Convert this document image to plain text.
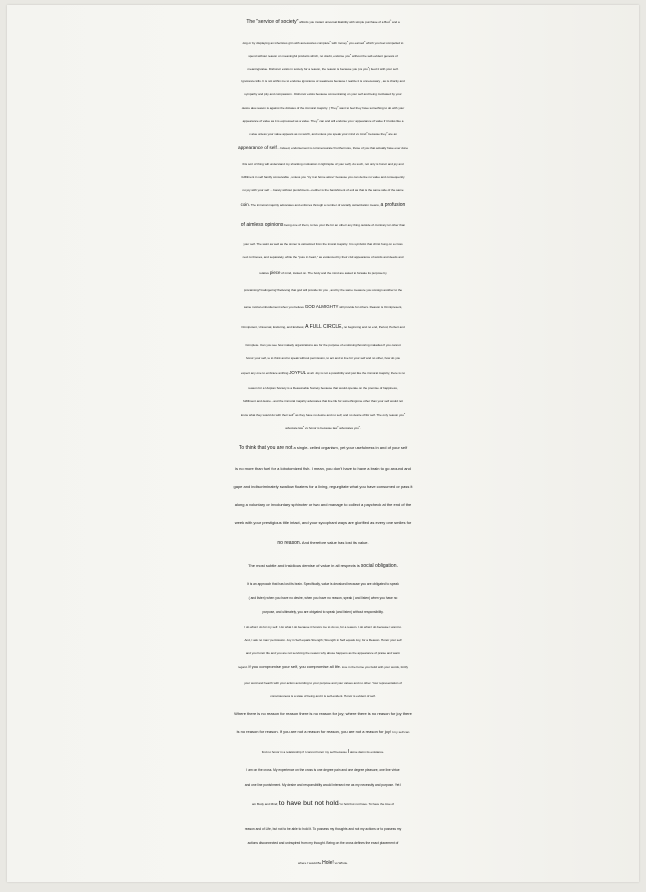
The "service of society" affords you instant universal likability with simple purchase of a Bud® and a
dog or by displaying an infectious grin with accessories complete$^o$ with money$^o$ you earned$^o$ which you feel compelled to
spend without reason on meaningful products which, no doubt, endorse you$^o$ without the self-evident genesis of
meaning/value. Dishonor exists in society for a reason, the reason is because you (vs you$^o$) feed it with your self.
Ignorance kills. It is not within me to endorse ignorance or weakness because I realize it is unnecessary , as is charity and
sympathy and pity and compassion . Dishonor exists because concentrating on your self and being motivated by your
desire aka reason is against the dictates of the immoral majority. ( They$^o$ want to feel they have something to do with your
appearance of value as it is expressed as a value. They$^o$ can and will endorse you r appearance of value if it looks like a
v alue unless your value appears as no worth, and unless you speak your mind vs mind$^o$ because they$^o$ are an
appearance of self....Indeed, endorsement is commensurate! Furthermore, those of you that actually have ever done
this sort of thing will understand my shocking motivation in light/spite of your self). As such, not only is honor and joy and
fulfillment in self hardly conceivable , unless you "try it at home alone" because you can derive no value and consequently
no joy with your self ... barely without punishment---neither is the banishment of evil as that is the same side of the same
coin. The immoral majority advocates and enforces through a number of socially ostracization means, a profusion
of aimless opinions being one of them, to live your life for an other/ any thing outside of /contrary to/ other than
your self. The saint as well as the sinner is ostracized from the imoral majority. It is symbolic that christ hung on a cross
next to thieves, and separately, while the "pure in heart," as evidenced by their civil appearance of words and deeds and
relative piece of mind, looked on. The body and the mind are asked to forsake its purpose by
procaiming/"malingering"/believing that god will provide for you , and by the same measure you consign another to the
same mortal embodiement when you believe GOD ALMIGHTY will provide for others. Reason is Omnipresent,
Omnipotent, Universal, Enduring, and Endless; A FULL CIRCLE, no beginning and no end, Period, Perfect and
Complete. Can you see how malady organizations are for the purpose of endorsing/honoring maladies.If you cannot
honor your self, ie to think and to speak without permission, to act and to live for your self and no other, how do you
expect any one to embrace anthing JOYFUL at all. Joy is not a possibility and just like the immoral majority, there is no
reason for a Utopian Society is a Reasonable Society because that would operate on the premise of happiness,
fulfillment and desire...and the immoral majority advocates that live life for something/one other than your self would not
know what they would do with their self$^o$ as they have no desire and no self, and no desire of/for self. The only reason you$^o$
advocate law$^o$ vs honor is because law$^o$ advocates you$^o$.
To think that you are not a single- celled organism, yet your usefulness in and of your self
is no more than fuel for a lobotomized fish. I mean, you don't have to have a brain to go around and
gape and indiscriminately swallow floaters for a living, regurgitate what you have consumed or pass it
along a voluntary or involuntary sphincter or two and manage to collect a paycheck at the end of the
week with your prestigious title intact, and your sycophant ways are glorified as every one smiles for
no reason. And therefore value has lost its value.
The most subtle and insidious demise of value in all respects is social obligation.
It is an approach that has lost its brain. Specifically, value is devalued because you are obligated to speak
( and listen) when you have no desire, when you have no reason, speak ( and listen) when you have no
purpose, and ultimately, you are obigated to speak (and listen) without responsibility.
I do what I do for my self. I do what I do because it honors me to do so, for a reason. I do what I do because I want to.
And, I ask no man' permission. Joy in Self equals Strength; Strength in Self equals Joy, for a Reason. Honor your self
and you honor life and you are not servicing the reason why abuse happens as the appearance of praise and warm
regard. If you compromise your self, you compromise all life. Live in the home you build with your words, fortify
your word and hearth with your action according to your purpose and your values and no other. Your representation of
consciousness is a state of being and it is self-evident. Honor is evident of self.
Where there is no reason for reason there is no reason for joy; where there is no reason for joy there
is no reason for reason. If you are not a reason for reason, you are not a reason for joy! I my self can
find no honor in a relationship if I cannot honor my self because I alone damn its existance.
I am on the cross. My experience on the cross is one degree pain and one degree pleasure, one line virtue
and one line punishment. My desire and responsibility would intersect me as my necessity and purpose. Yet I
am Body and Mind; to have but not hold/ to hold but not have. To have the love of
reason and of Life, but not to be able to hold it. To possess my thoughts and not my actions or to possess my
actions disconnected and uninspired from my thought. Being on the cross defines the exact placement of
where I would Be Hole! vs Whole.
